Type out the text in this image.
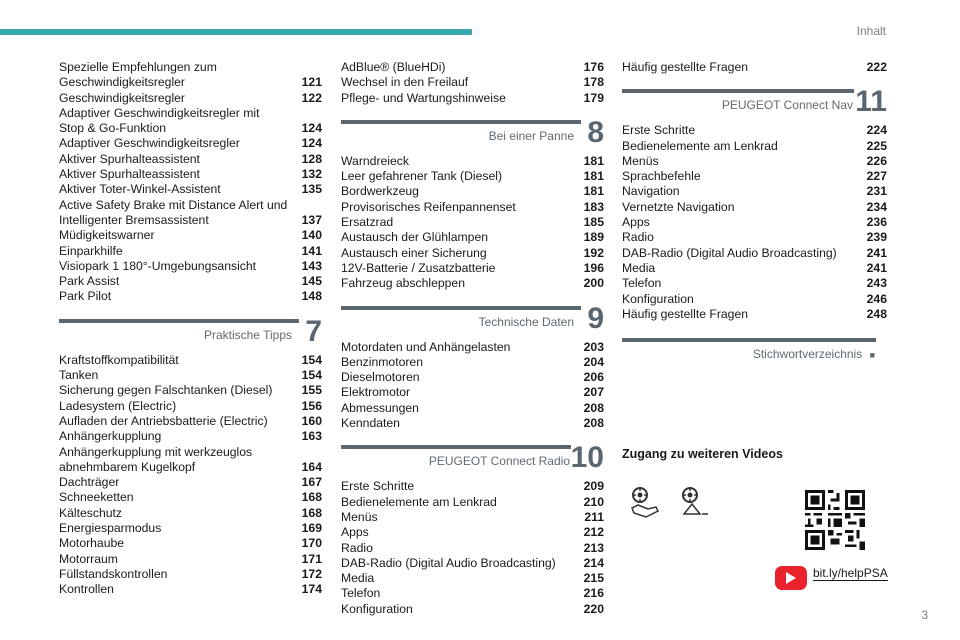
Inhalt
Spezielle Empfehlungen zum
Geschwindigkeitsregler	121
Geschwindigkeitsregler	122
Adaptiver Geschwindigkeitsregler mit
Stop & Go-Funktion	124
Adaptiver Geschwindigkeitsregler	124
Aktiver Spurhalteassistent	128
Aktiver Spurhalteassistent	132
Aktiver Toter-Winkel-Assistent	135
Active Safety Brake mit Distance Alert und
Intelligenter Bremsassistent	137
Müdigkeitswarner	140
Einparkhilfe	141
Visiopark 1 180°-Umgebungsansicht	143
Park Assist	145
Park Pilot	148
Praktische Tipps 7
Kraftstoffkompatibilität	154
Tanken	154
Sicherung gegen Falschtanken (Diesel)	155
Ladesystem (Electric)	156
Aufladen der Antriebsbatterie (Electric)	160
Anhängerkupplung	163
Anhängerkupplung mit werkzeuglos
abnehmbarem Kugelkopf	164
Dachträger	167
Schneeketten	168
Kälteschutz	168
Energiesparmodus	169
Motorhaube	170
Motorraum	171
Füllstandskontrollen	172
Kontrollen	174
AdBlue® (BlueHDi)	176
Wechsel in den Freilauf	178
Pflege- und Wartungshinweise	179
Bei einer Panne 8
Warndreieck	181
Leer gefahrener Tank (Diesel)	181
Bordwerkzeug	181
Provisorisches Reifenpannenset	183
Ersatzrad	185
Austausch der Glühlampen	189
Austausch einer Sicherung	192
12V-Batterie / Zusatzbatterie	196
Fahrzeug abschleppen	200
Technische Daten 9
Motordaten und Anhängelasten	203
Benzinmotoren	204
Dieselmotoren	206
Elektromotor	207
Abmessungen	208
Kenndaten	208
PEUGEOT Connect Radio 10
Erste Schritte	209
Bedienelemente am Lenkrad	210
Menüs	211
Apps	212
Radio	213
DAB-Radio (Digital Audio Broadcasting)	214
Media	215
Telefon	216
Konfiguration	220
Häufig gestellte Fragen	222
PEUGEOT Connect Nav 11
Erste Schritte	224
Bedienelemente am Lenkrad	225
Menüs	226
Sprachbefehle	227
Navigation	231
Vernetzte Navigation	234
Apps	236
Radio	239
DAB-Radio (Digital Audio Broadcasting)	241
Media	241
Telefon	243
Konfiguration	246
Häufig gestellte Fragen	248
Stichwortverzeichnis ■
Zugang zu weiteren Videos
bit.ly/helpPSA
3
